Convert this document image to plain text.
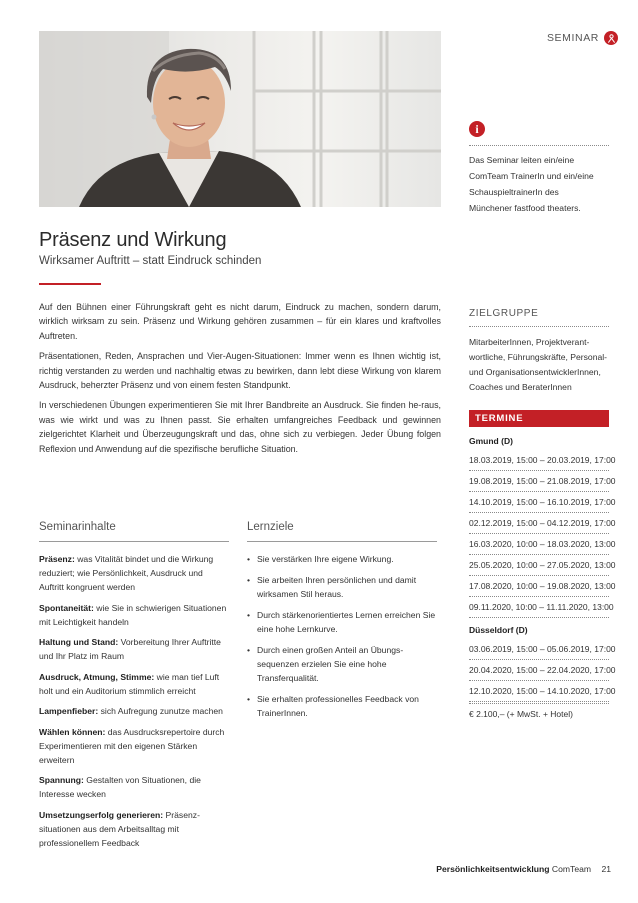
SEMINAR
i
Das Seminar leiten ein/eine
ComTeam TrainerIn und ein/eine
SchauspieltrainerIn des
Münchener fastfood theaters.
Präsenz und Wirkung
Wirksamer Auftritt – statt Eindruck schinden

Auf den Bühnen einer Führungskraft geht es nicht darum, Eindruck zu machen, sondern darum, wirklich wirksam zu sein. Präsenz und Wirkung gehören zusammen – für ein klares und kraftvolles Auftreten.

Präsentationen, Reden, Ansprachen und Vier-Augen-Situationen: Immer wenn es Ihnen wichtig ist, richtig verstanden zu werden und nachhaltig etwas zu bewirken, dann lebt diese Wirkung von klarem Ausdruck, beherzter Präsenz und von einem festen Standpunkt.

In verschiedenen Übungen experimentieren Sie mit Ihrer Bandbreite an Ausdruck. Sie finden he-raus, was wie wirkt und was zu Ihnen passt. Sie erhalten umfangreiches Feedback und gewinnen zielgerichtet Klarheit und Überzeugungskraft und das, ohne sich zu verbiegen. Jeder Übung folgen Reflexion und Anwendung auf die spezifische berufliche Situation.

Seminarinhalte
Präsenz: was Vitalität bindet und die Wirkung reduziert; wie Persönlichkeit, Ausdruck und Auftritt kongruent werden
Spontaneität: wie Sie in schwierigen Situationen mit Leichtigkeit handeln
Haltung und Stand: Vorbereitung Ihrer Auftritte und Ihr Platz im Raum
Ausdruck, Atmung, Stimme: wie man tief Luft holt und ein Auditorium stimmlich erreicht
Lampenfieber: sich Aufregung zunutze machen
Wählen können: das Ausdrucksrepertoire durch Experimentieren mit den eigenen Stärken erweitern
Spannung: Gestalten von Situationen, die Interesse wecken
Umsetzungserfolg generieren: Präsenz-situationen aus dem Arbeitsalltag mit professionellem Feedback
Lernziele
• Sie verstärken Ihre eigene Wirkung.
• Sie arbeiten Ihren persönlichen und damit wirksamen Stil heraus.
• Durch stärkenorientiertes Lernen erreichen Sie eine hohe Lernkurve.
• Durch einen großen Anteil an Übungs-sequenzen erzielen Sie eine hohe Transferqualität.
• Sie erhalten professionelles Feedback von TrainerInnen.
ZIELGRUPPE
MitarbeiterInnen, Projektverant-
wortliche, Führungskräfte, Personal-
und OrganisationsentwicklerInnen,
Coaches und BeraterInnen
TERMINE
Gmund (D)
18.03.2019, 15:00 – 20.03.2019, 17:00
19.08.2019, 15:00 – 21.08.2019, 17:00
14.10.2019, 15:00 – 16.10.2019, 17:00
02.12.2019, 15:00 – 04.12.2019, 17:00
16.03.2020, 10:00 – 18.03.2020, 13:00
25.05.2020, 10:00 – 27.05.2020, 13:00
17.08.2020, 10:00 – 19.08.2020, 13:00
09.11.2020, 10:00 – 11.11.2020, 13:00
Düsseldorf (D)
03.06.2019, 15:00 – 05.06.2019, 17:00
20.04.2020, 15:00 – 22.04.2020, 17:00
12.10.2020, 15:00 – 14.10.2020, 17:00
€ 2.100,– (+ MwSt. + Hotel)
Persönlichkeitsentwicklung ComTeam 21
